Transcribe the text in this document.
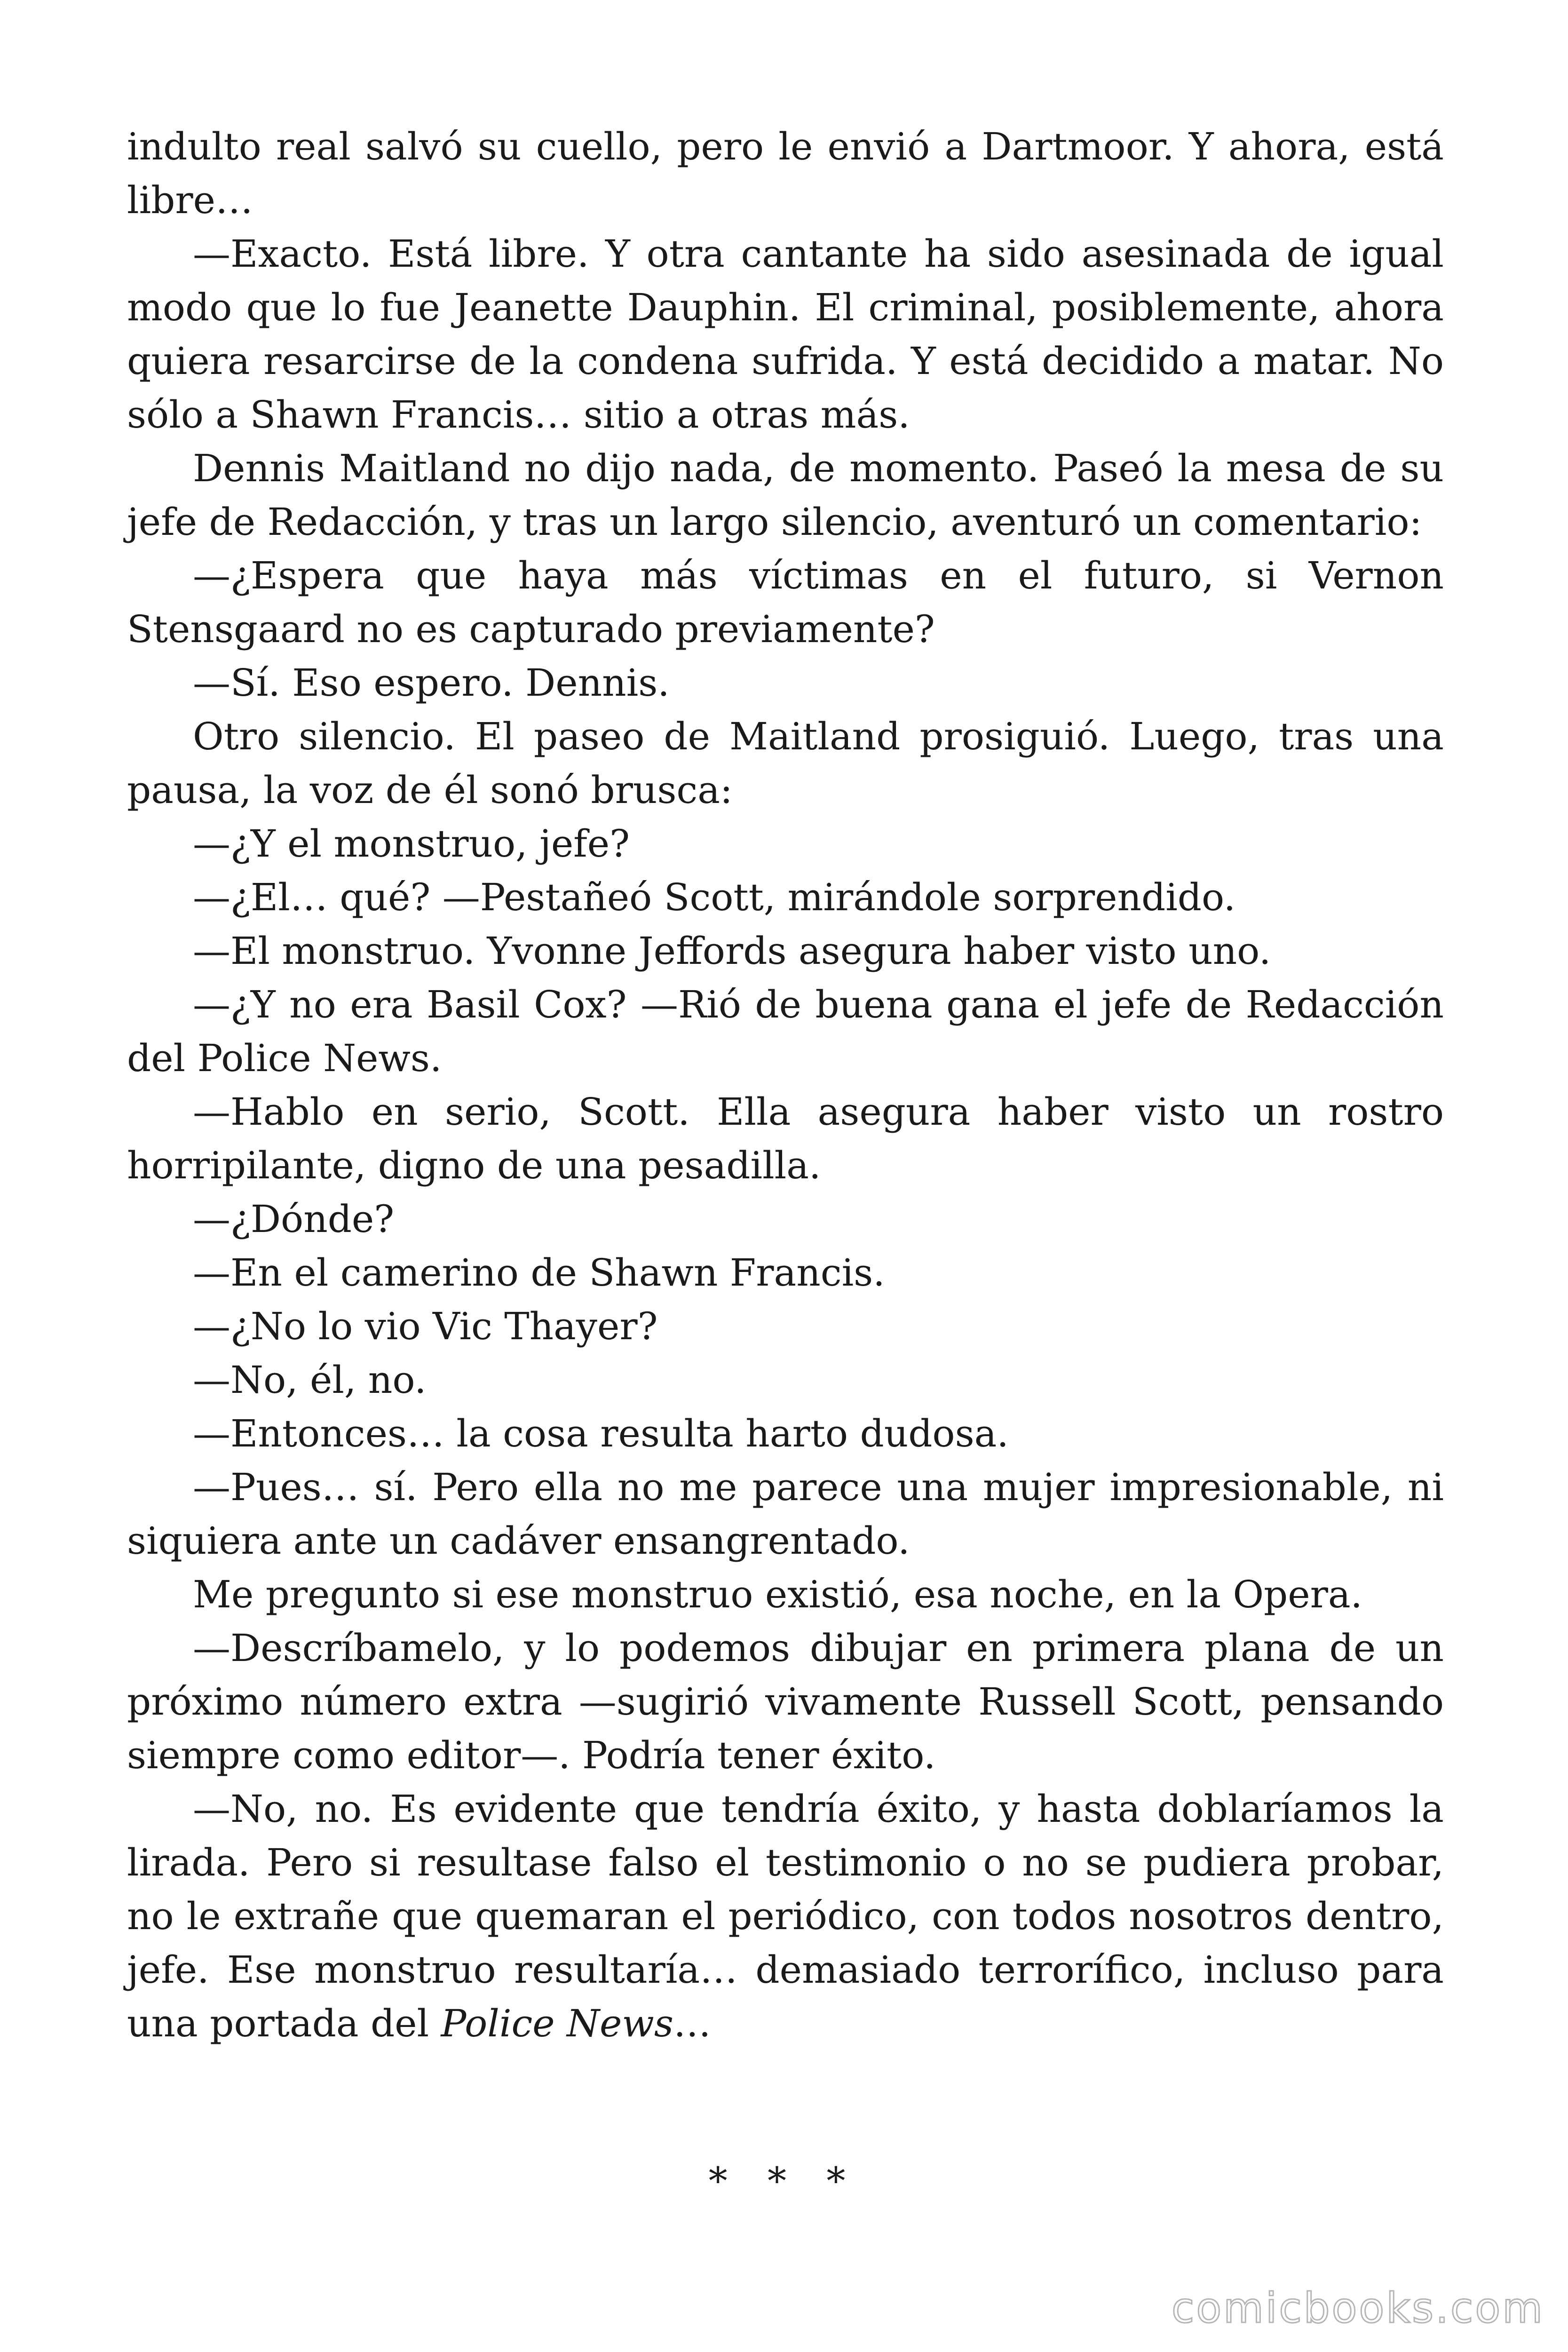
indulto real salvó su cuello, pero le envió a Dartmoor. Y ahora, está libre…

—Exacto. Está libre. Y otra cantante ha sido asesinada de igual modo que lo fue Jeanette Dauphin. El criminal, posiblemente, ahora quiera resarcirse de la condena sufrida. Y está decidido a matar. No sólo a Shawn Francis… sitio a otras más.

Dennis Maitland no dijo nada, de momento. Paseó la mesa de su jefe de Redacción, y tras un largo silencio, aventuró un comentario:

—¿Espera que haya más víctimas en el futuro, si Vernon Stensgaard no es capturado previamente?

—Sí. Eso espero. Dennis.

Otro silencio. El paseo de Maitland prosiguió. Luego, tras una pausa, la voz de él sonó brusca:

—¿Y el monstruo, jefe?

—¿El… qué? —Pestañeó Scott, mirándole sorprendido.

—El monstruo. Yvonne Jeffords asegura haber visto uno.

—¿Y no era Basil Cox? —Rió de buena gana el jefe de Redacción del Police News.

—Hablo en serio, Scott. Ella asegura haber visto un rostro horripilante, digno de una pesadilla.

—¿Dónde?

—En el camerino de Shawn Francis.

—¿No lo vio Vic Thayer?

—No, él, no.

—Entonces… la cosa resulta harto dudosa.

—Pues… sí. Pero ella no me parece una mujer impresionable, ni siquiera ante un cadáver ensangrentado.

Me pregunto si ese monstruo existió, esa noche, en la Opera.

—Descríbamelo, y lo podemos dibujar en primera plana de un próximo número extra —sugirió vivamente Russell Scott, pensando siempre como editor—. Podría tener éxito.

—No, no. Es evidente que tendría éxito, y hasta doblaríamos la lirada. Pero si resultase falso el testimonio o no se pudiera probar, no le extrañe que quemaran el periódico, con todos nosotros dentro, jefe. Ese monstruo resultaría… demasiado terrorífico, incluso para una portada del Police News…

* * *
comicbooks.com
